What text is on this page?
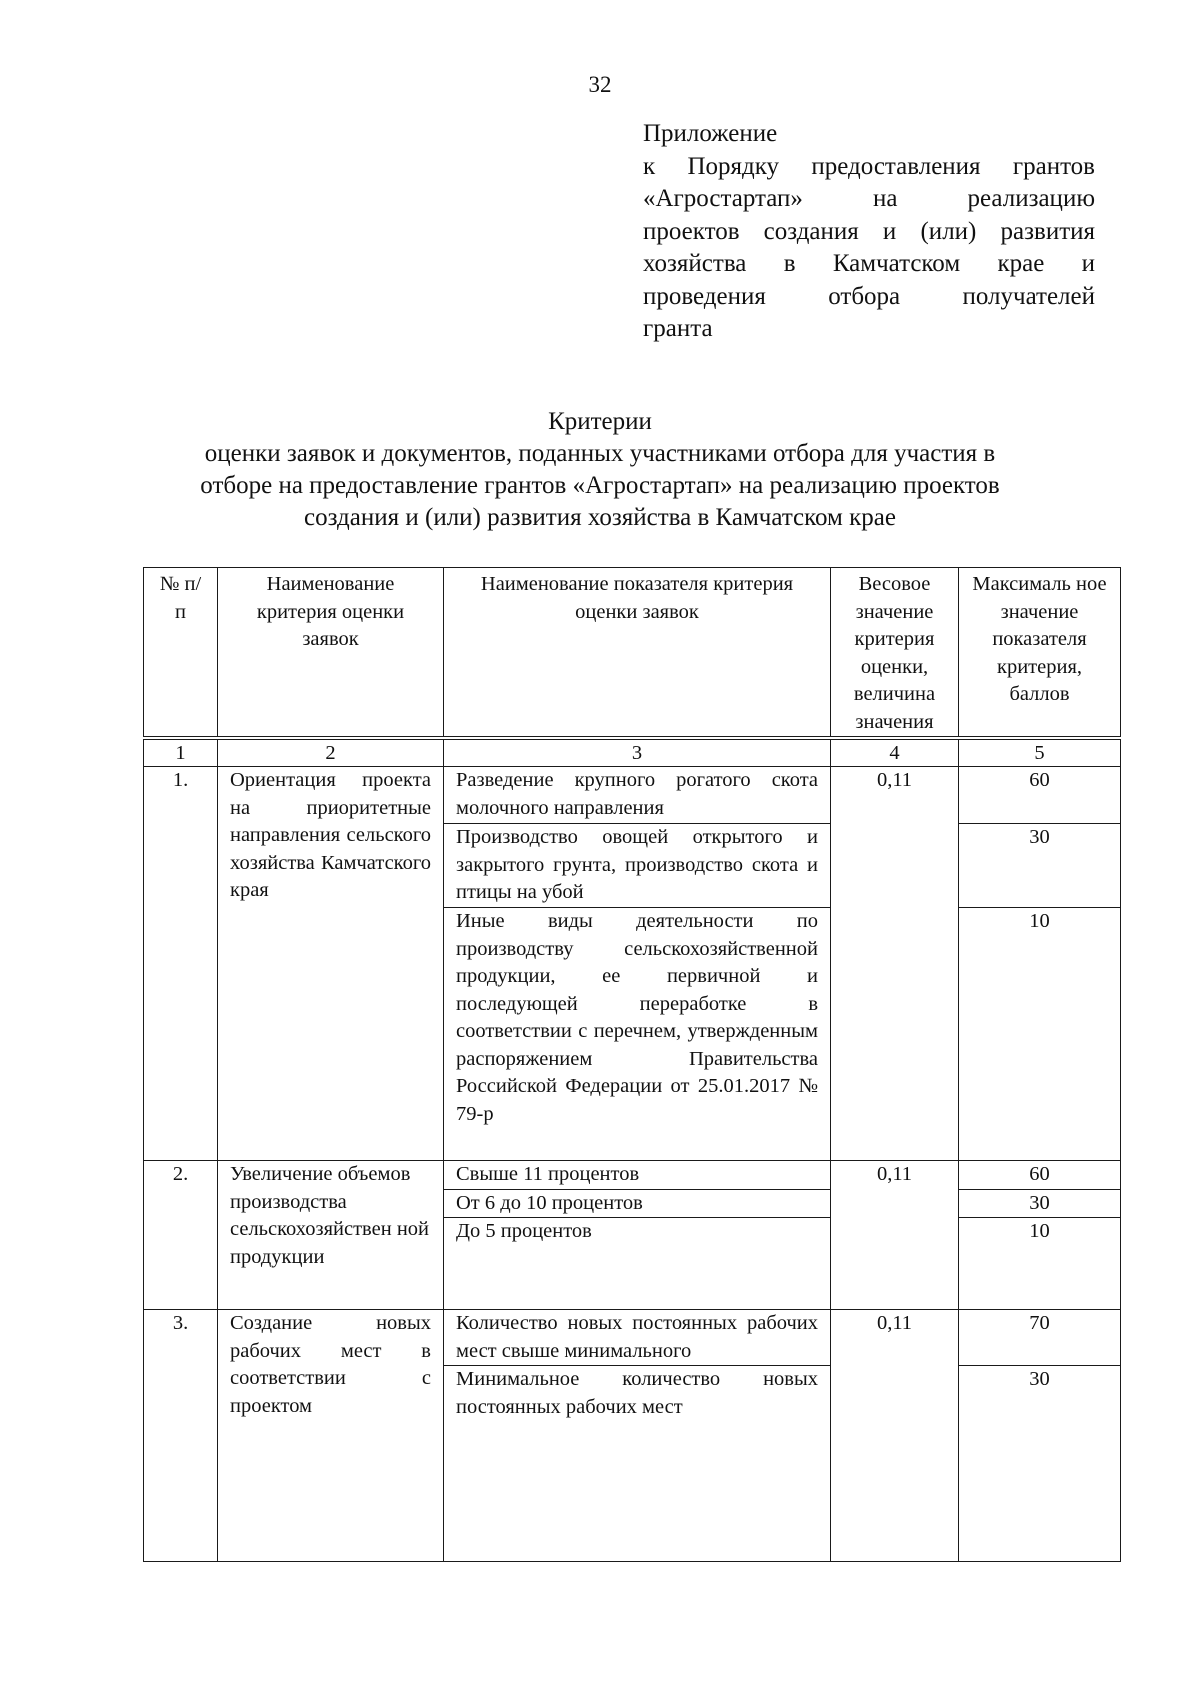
32
Приложение
к Порядку предоставления грантов
«Агростартап» на реализацию
проектов создания и (или) развития
хозяйства в Камчатском крае и
проведения отбора получателей
гранта
Критерии
оценки заявок и документов, поданных участниками отбора для участия в
отборе на предоставление грантов «Агростартап» на реализацию проектов
создания и (или) развития хозяйства в Камчатском крае
№ п/п	Наименование критерия оценки заявок	Наименование показателя критерия оценки заявок	Весовое значение критерия оценки, величина значения	Максималь ное значение показателя критерия, баллов
1	2	3	4	5
1.	Ориентация проекта на приоритетные направления сельского хозяйства Камчатского края	Разведение крупного рогатого скота молочного направления	0,11	60
		Производство овощей открытого и закрытого грунта, производство скота и птицы на убой		30
		Иные виды деятельности по производству сельскохозяйственной продукции, ее первичной и последующей переработке в соответствии с перечнем, утвержденным распоряжением Правительства Российской Федерации от 25.01.2017 № 79-р		10
2.	Увеличение объемов производства сельскохозяйствен ной продукции	Свыше 11 процентов	0,11	60
		От 6 до 10 процентов		30
		До 5 процентов		10
3.	Создание новых рабочих мест в соответствии с проектом	Количество новых постоянных рабочих мест свыше минимального	0,11	70
		Минимальное количество новых постоянных рабочих мест		30
